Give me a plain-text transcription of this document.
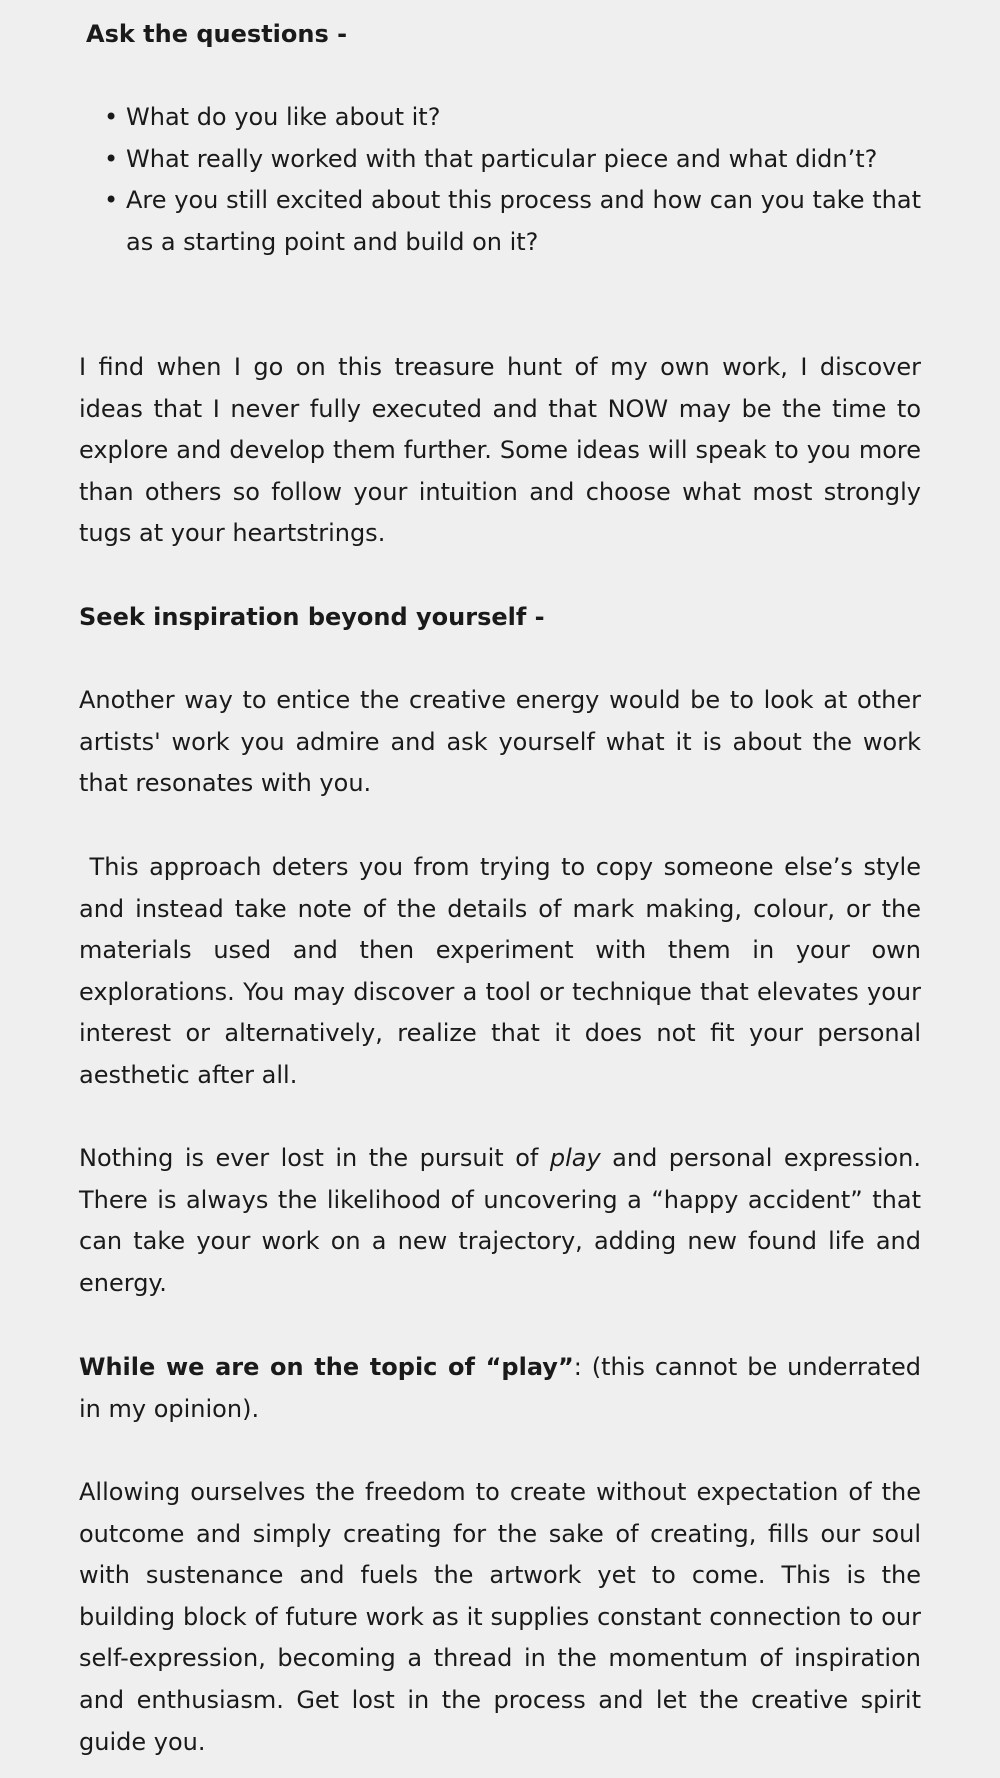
Ask the questions -
• What do you like about it?
• What really worked with that particular piece and what didn’t?
• Are you still excited about this process and how can you take that as a starting point and build on it?

I find when I go on this treasure hunt of my own work, I discover ideas that I never fully executed and that NOW may be the time to explore and develop them further. Some ideas will speak to you more than others so follow your intuition and choose what most strongly tugs at your heartstrings.

Seek inspiration beyond yourself -

Another way to entice the creative energy would be to look at other artists' work you admire and ask yourself what it is about the work that resonates with you.

This approach deters you from trying to copy someone else’s style and instead take note of the details of mark making, colour, or the materials used and then experiment with them in your own explorations. You may discover a tool or technique that elevates your interest or alternatively, realize that it does not fit your personal aesthetic after all.

Nothing is ever lost in the pursuit of play and personal expression. There is always the likelihood of uncovering a “happy accident” that can take your work on a new trajectory, adding new found life and energy.

While we are on the topic of “play”: (this cannot be underrated in my opinion).

Allowing ourselves the freedom to create without expectation of the outcome and simply creating for the sake of creating, fills our soul with sustenance and fuels the artwork yet to come. This is the building block of future work as it supplies constant connection to our self-expression, becoming a thread in the momentum of inspiration and enthusiasm. Get lost in the process and let the creative spirit guide you.
